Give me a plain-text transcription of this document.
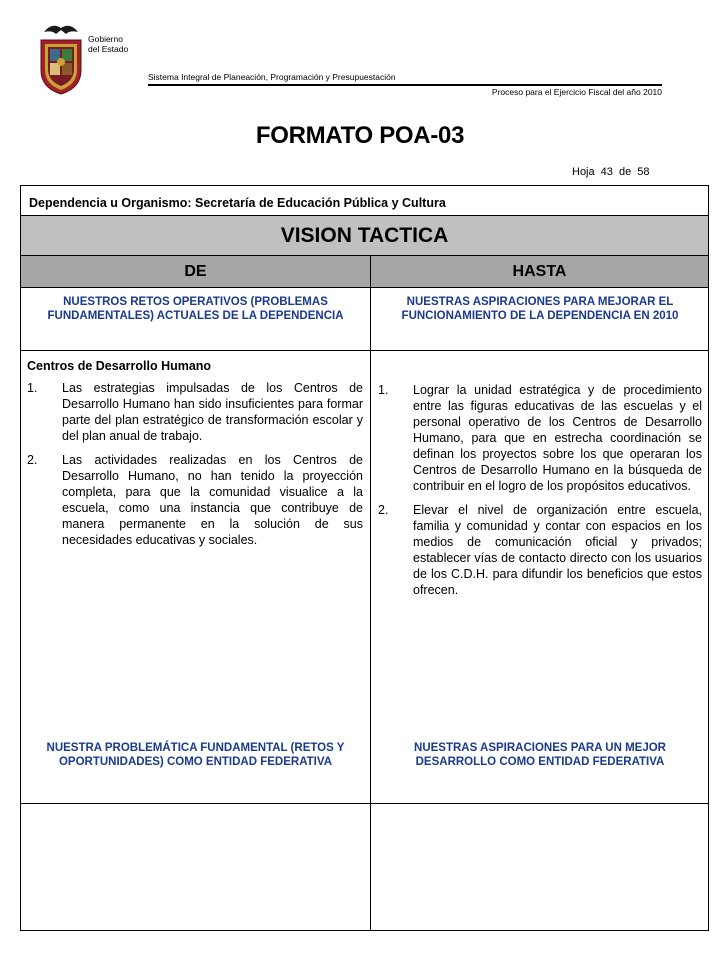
Gobierno
del Estado
Sistema Integral de Planeación, Programación y Presupuestación
Proceso para el Ejercicio Fiscal del año 2010
FORMATO POA-03
Hoja 43 de 58
Dependencia u Organismo: Secretaría de Educación Pública y Cultura
VISION TACTICA
DE	HASTA
NUESTROS RETOS OPERATIVOS (PROBLEMAS FUNDAMENTALES) ACTUALES DE LA DEPENDENCIA
NUESTRAS ASPIRACIONES PARA MEJORAR EL FUNCIONAMIENTO DE LA DEPENDENCIA EN 2010
Centros de Desarrollo Humano
1. Las estrategias impulsadas de los Centros de Desarrollo Humano han sido insuficientes para formar parte del plan estratégico de transformación escolar y del plan anual de trabajo.
2. Las actividades realizadas en los Centros de Desarrollo Humano, no han tenido la proyección completa, para que la comunidad visualice a la escuela, como una instancia que contribuye de manera permanente en la solución de sus necesidades educativas y sociales.
1. Lograr la unidad estratégica y de procedimiento entre las figuras educativas de las escuelas y el personal operativo de los Centros de Desarrollo Humano, para que en estrecha coordinación se definan los proyectos sobre los que operaran los Centros de Desarrollo Humano en la búsqueda de contribuir en el logro de los propósitos educativos.
2. Elevar el nivel de organización entre escuela, familia y comunidad y contar con espacios en los medios de comunicación oficial y privados; establecer vías de contacto directo con los usuarios de los C.D.H. para difundir los beneficios que estos ofrecen.
NUESTRA PROBLEMÁTICA FUNDAMENTAL (RETOS Y OPORTUNIDADES) COMO ENTIDAD FEDERATIVA
NUESTRAS ASPIRACIONES PARA UN MEJOR DESARROLLO COMO ENTIDAD FEDERATIVA
